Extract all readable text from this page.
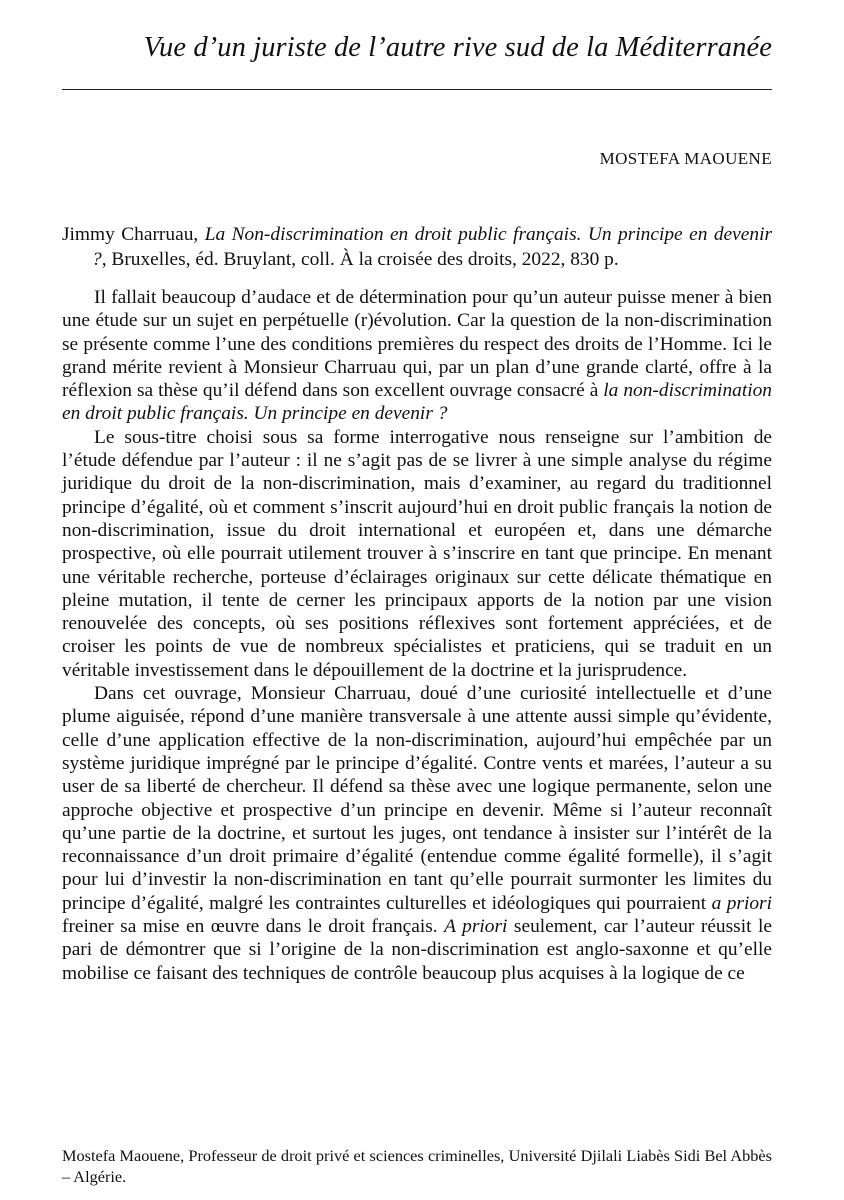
Vue d’un juriste de l’autre rive sud de la Méditerranée
MOSTEFA MAOUENE
Jimmy Charruau, La Non-discrimination en droit public français. Un principe en devenir ?, Bruxelles, éd. Bruylant, coll. À la croisée des droits, 2022, 830 p.

Il fallait beaucoup d’audace et de détermination pour qu’un auteur puisse mener à bien une étude sur un sujet en perpétuelle (r)évolution. Car la question de la non-discrimination se présente comme l’une des conditions premières du respect des droits de l’Homme. Ici le grand mérite revient à Monsieur Charruau qui, par un plan d’une grande clarté, offre à la réflexion sa thèse qu’il défend dans son excellent ouvrage consacré à la non-discrimination en droit public français. Un principe en devenir ?

Le sous-titre choisi sous sa forme interrogative nous renseigne sur l’ambition de l’étude défendue par l’auteur : il ne s’agit pas de se livrer à une simple analyse du régime juridique du droit de la non-discrimination, mais d’examiner, au regard du traditionnel principe d’égalité, où et comment s’inscrit aujourd’hui en droit public français la notion de non-discrimination, issue du droit international et européen et, dans une démarche prospective, où elle pourrait utilement trouver à s’inscrire en tant que principe. En menant une véritable recherche, porteuse d’éclairages originaux sur cette délicate thématique en pleine mutation, il tente de cerner les principaux apports de la notion par une vision renouvelée des concepts, où ses positions réflexives sont fortement appréciées, et de croiser les points de vue de nombreux spécialistes et praticiens, qui se traduit en un véritable investissement dans le dépouillement de la doctrine et la jurisprudence.

Dans cet ouvrage, Monsieur Charruau, doué d’une curiosité intellectuelle et d’une plume aiguisée, répond d’une manière transversale à une attente aussi simple qu’évidente, celle d’une application effective de la non-discrimination, aujourd’hui empêchée par un système juridique imprégné par le principe d’égalité. Contre vents et marées, l’auteur a su user de sa liberté de chercheur. Il défend sa thèse avec une logique permanente, selon une approche objective et prospective d’un principe en devenir. Même si l’auteur reconnaît qu’une partie de la doctrine, et surtout les juges, ont tendance à insister sur l’intérêt de la reconnaissance d’un droit primaire d’égalité (entendue comme égalité formelle), il s’agit pour lui d’investir la non-discrimination en tant qu’elle pourrait surmonter les limites du principe d’égalité, malgré les contraintes culturelles et idéologiques qui pourraient a priori freiner sa mise en œuvre dans le droit français. A priori seulement, car l’auteur réussit le pari de démontrer que si l’origine de la non-discrimination est anglo-saxonne et qu’elle mobilise ce faisant des techniques de contrôle beaucoup plus acquises à la logique de ce

Mostefa Maouene, Professeur de droit privé et sciences criminelles, Université Djilali Liabès Sidi Bel Abbès – Algérie.
